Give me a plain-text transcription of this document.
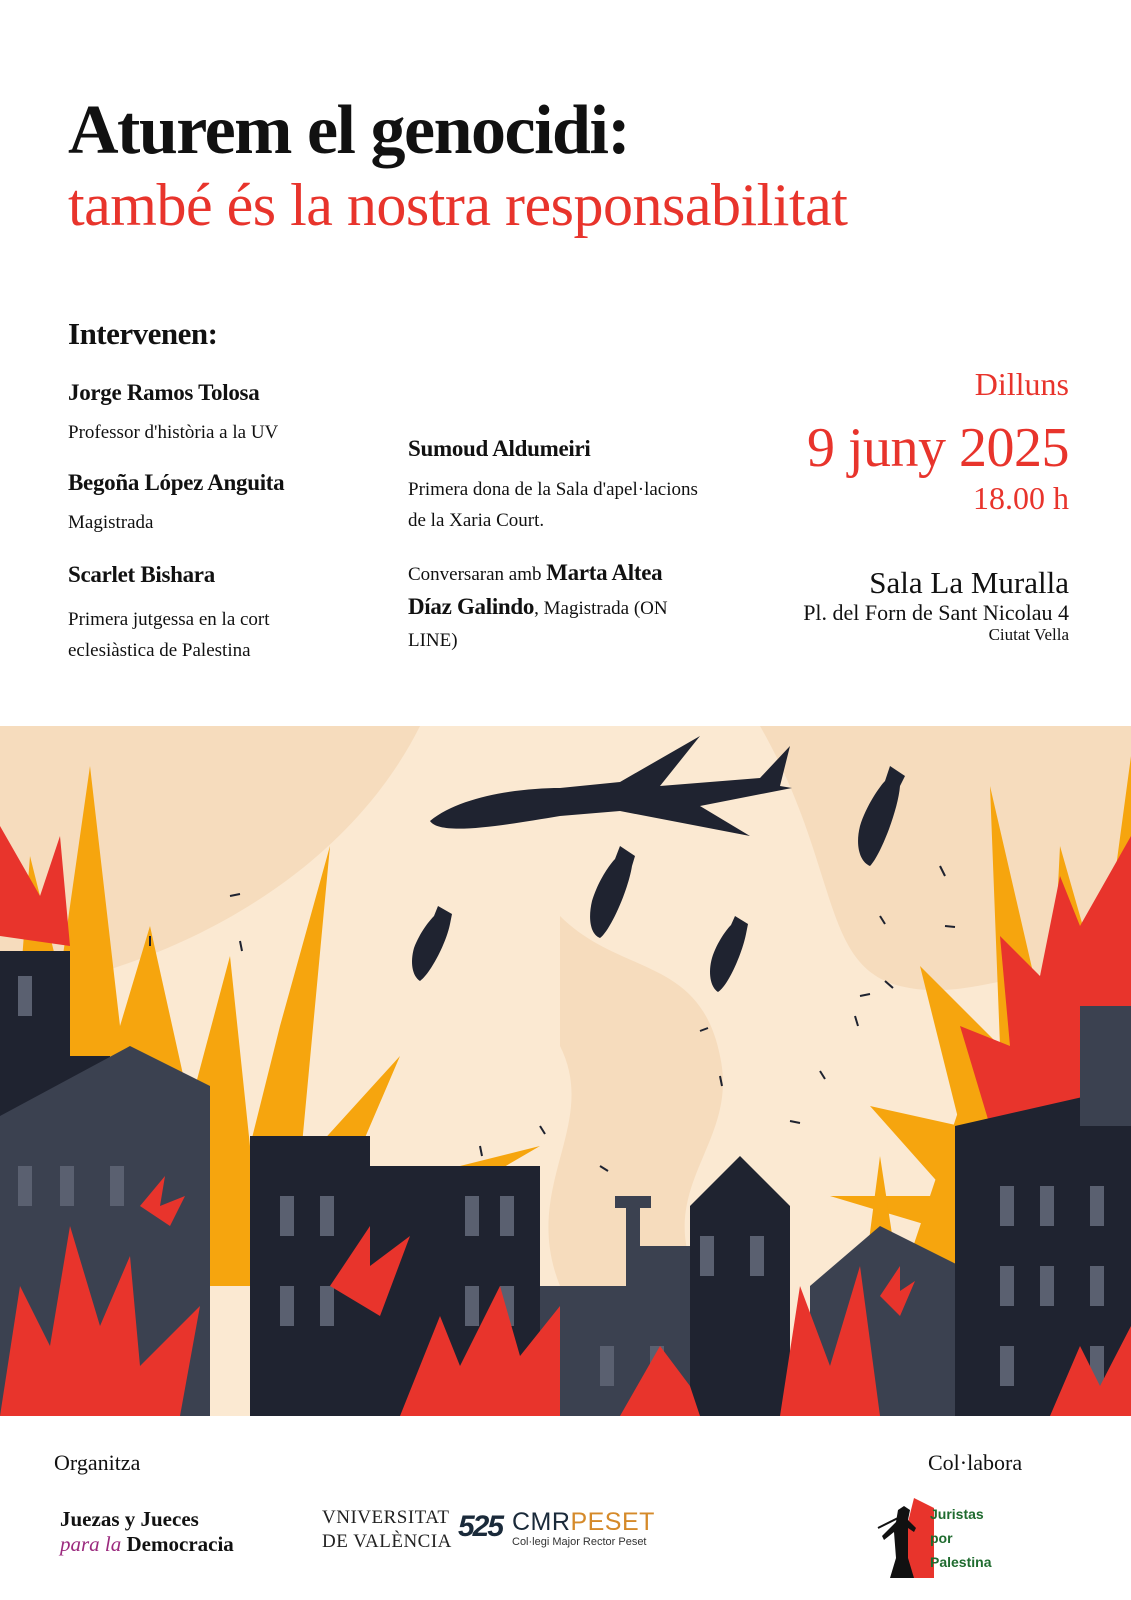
Aturem el genocidi:
també és la nostra responsabilitat
Intervenen:
Jorge Ramos Tolosa
Professor d'història a la UV
Begoña López Anguita
Magistrada
Scarlet Bishara
Primera jutgessa en la cort eclesiàstica de Palestina
Sumoud Aldumeiri
Primera dona de la Sala d'apel·lacions de la Xaria Court.
Conversaran amb Marta Altea Díaz Galindo, Magistrada (ON LINE)
Dilluns
9 juny 2025
18.00 h
Sala La Muralla
Pl. del Forn de Sant Nicolau 4
Ciutat Vella
Organitza	Col·labora
Juezas y Jueces
para la Democracia
VNIVERSITAT
DE VALÈNCIA 525 CMRPESET
Col·legi Major Rector Peset
Juristas
por
Palestina
